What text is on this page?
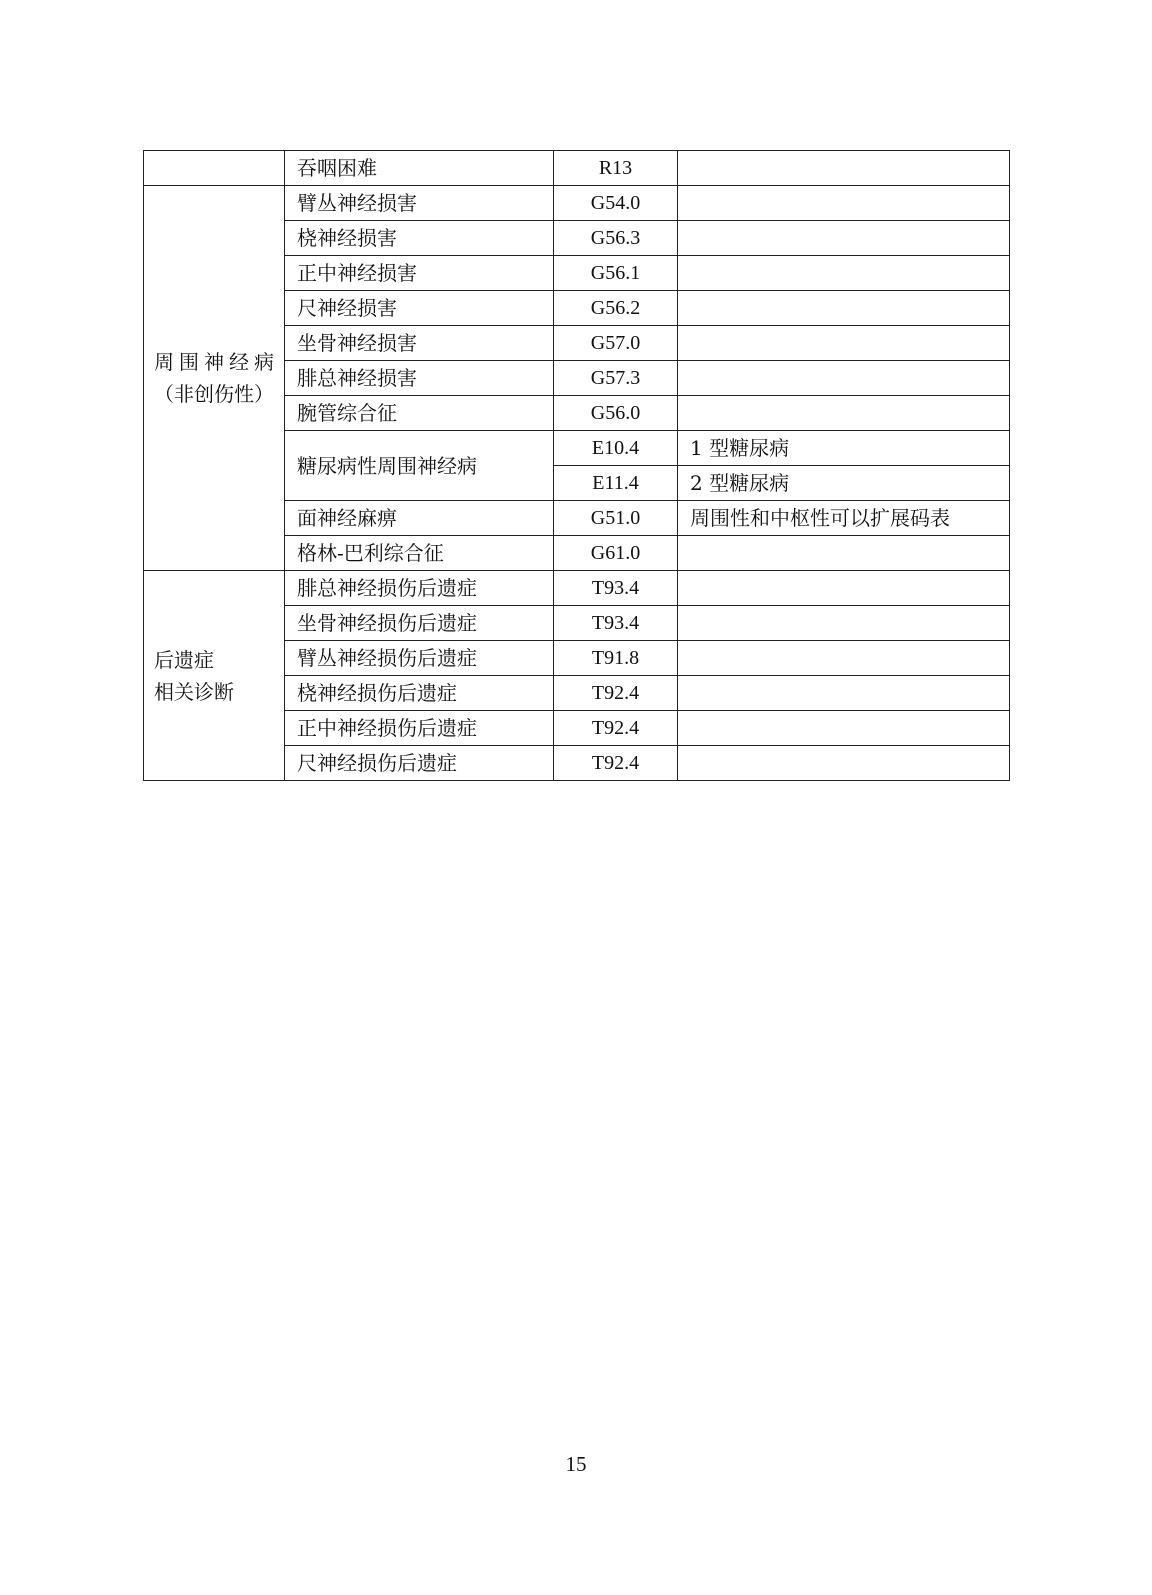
	吞咽困难	R13	
周围神经病（非创伤性）	臂丛神经损害	G54.0	
	桡神经损害	G56.3	
	正中神经损害	G56.1	
	尺神经损害	G56.2	
	坐骨神经损害	G57.0	
	腓总神经损害	G57.3	
	腕管综合征	G56.0	
	糖尿病性周围神经病	E10.4	1 型糖尿病
		E11.4	2 型糖尿病
	面神经麻痹	G51.0	周围性和中枢性可以扩展码表
	格林-巴利综合征	G61.0	

后遗症
相关诊断	腓总神经损伤后遗症	T93.4	
	坐骨神经损伤后遗症	T93.4	
	臂丛神经损伤后遗症	T91.8	
	桡神经损伤后遗症	T92.4	
	正中神经损伤后遗症	T92.4	
	尺神经损伤后遗症	T92.4	
15
